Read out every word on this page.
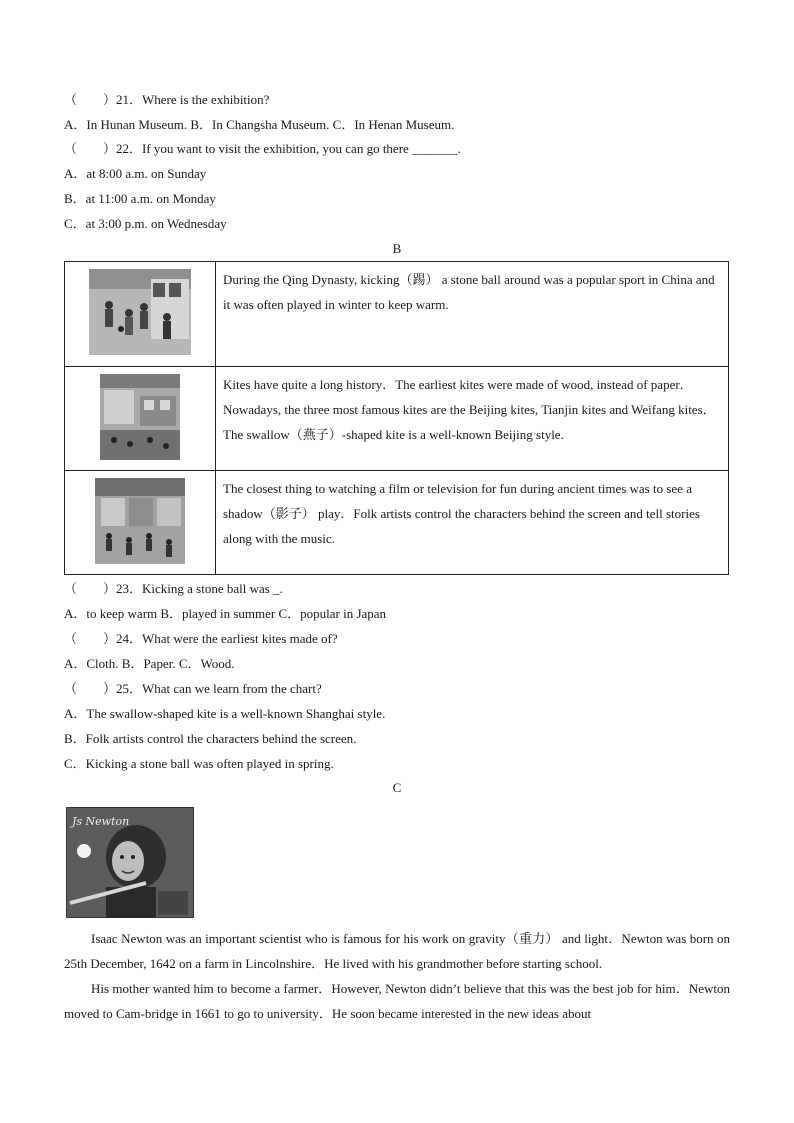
（　　）21．Where is the exhibition?
A．In Hunan Museum. B．In Changsha Museum. C．In Henan Museum.
（　　）22．If you want to visit the exhibition, you can go there _______.
A．at 8:00 a.m. on Sunday
B．at 11:00 a.m. on Monday
C．at 3:00 p.m. on Wednesday
B
	During the Qing Dynasty, kicking（踢） a stone ball around was a popular sport in China and it was often played in winter to keep warm.
	Kites have quite a long history．The earliest kites were made of wood, instead of paper．Nowadays, the three most famous kites are the Beijing kites, Tianjin kites and Weifang kites．The swallow（燕子）-shaped kite is a well-known Beijing style.
	The closest thing to watching a film or television for fun during ancient times was to see a shadow（影子） play．Folk artists control the characters behind the screen and tell stories along with the music.
（　　）23．Kicking a stone ball was _.
A．to keep warm B．played in summer C．popular in Japan
（　　）24．What were the earliest kites made of?
A．Cloth. B．Paper. C．Wood.
（　　）25．What can we learn from the chart?
A．The swallow-shaped kite is a well-known Shanghai style.
B．Folk artists control the characters behind the screen.
C．Kicking a stone ball was often played in spring.
C
Js Newton
Isaac Newton was an important scientist who is famous for his work on gravity（重力） and light．Newton was born on 25th December, 1642 on a farm in Lincolnshire．He lived with his grandmother before starting school.
His mother wanted him to become a farmer．However, Newton didn’t believe that this was the best job for him．Newton moved to Cam-bridge in 1661 to go to university．He soon became interested in the new ideas about
